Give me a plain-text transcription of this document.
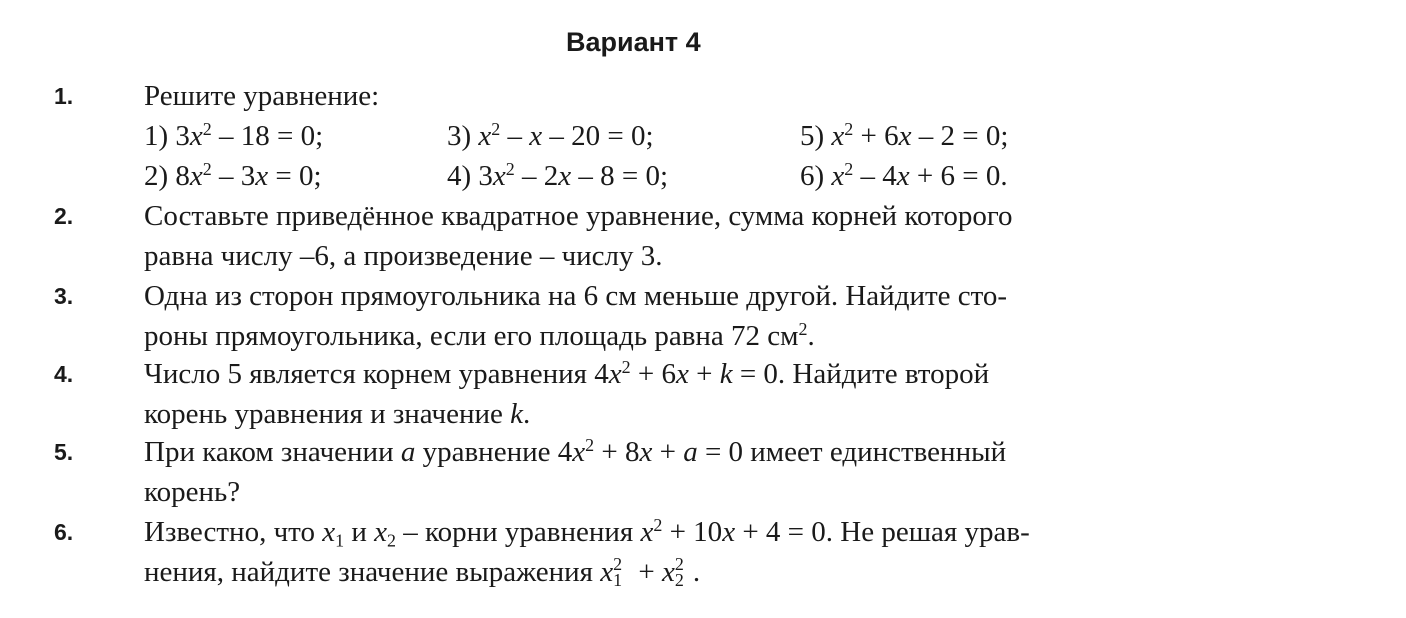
Вариант 4
1. Решите уравнение:
1) $3x^2 - 18 = 0$;	3) $x^2 - x - 20 = 0$;	5) $x^2 + 6x - 2 = 0$;
2) $8x^2 - 3x = 0$;	4) $3x^2 - 2x - 8 = 0$;	6) $x^2 - 4x + 6 = 0$.
2. Составьте приведённое квадратное уравнение, сумма корней которого
равна числу –6, а произведение – числу 3.
3. Одна из сторон прямоугольника на 6 см меньше другой. Найдите сто-
роны прямоугольника, если его площадь равна 72 $см^2$.
4. Число 5 является корнем уравнения $4x^2 + 6x + k = 0$. Найдите второй
корень уравнения и значение k.
5. При каком значении a уравнение $4x^2 + 8x + a = 0$ имеет единственный
корень?
6. Известно, что $x_1$ и $x_2$ – корни уравнения $x^2 + 10x + 4 = 0$. Не решая урав-
нения, найдите значение выражения x 2
1 + x 2
2 .
